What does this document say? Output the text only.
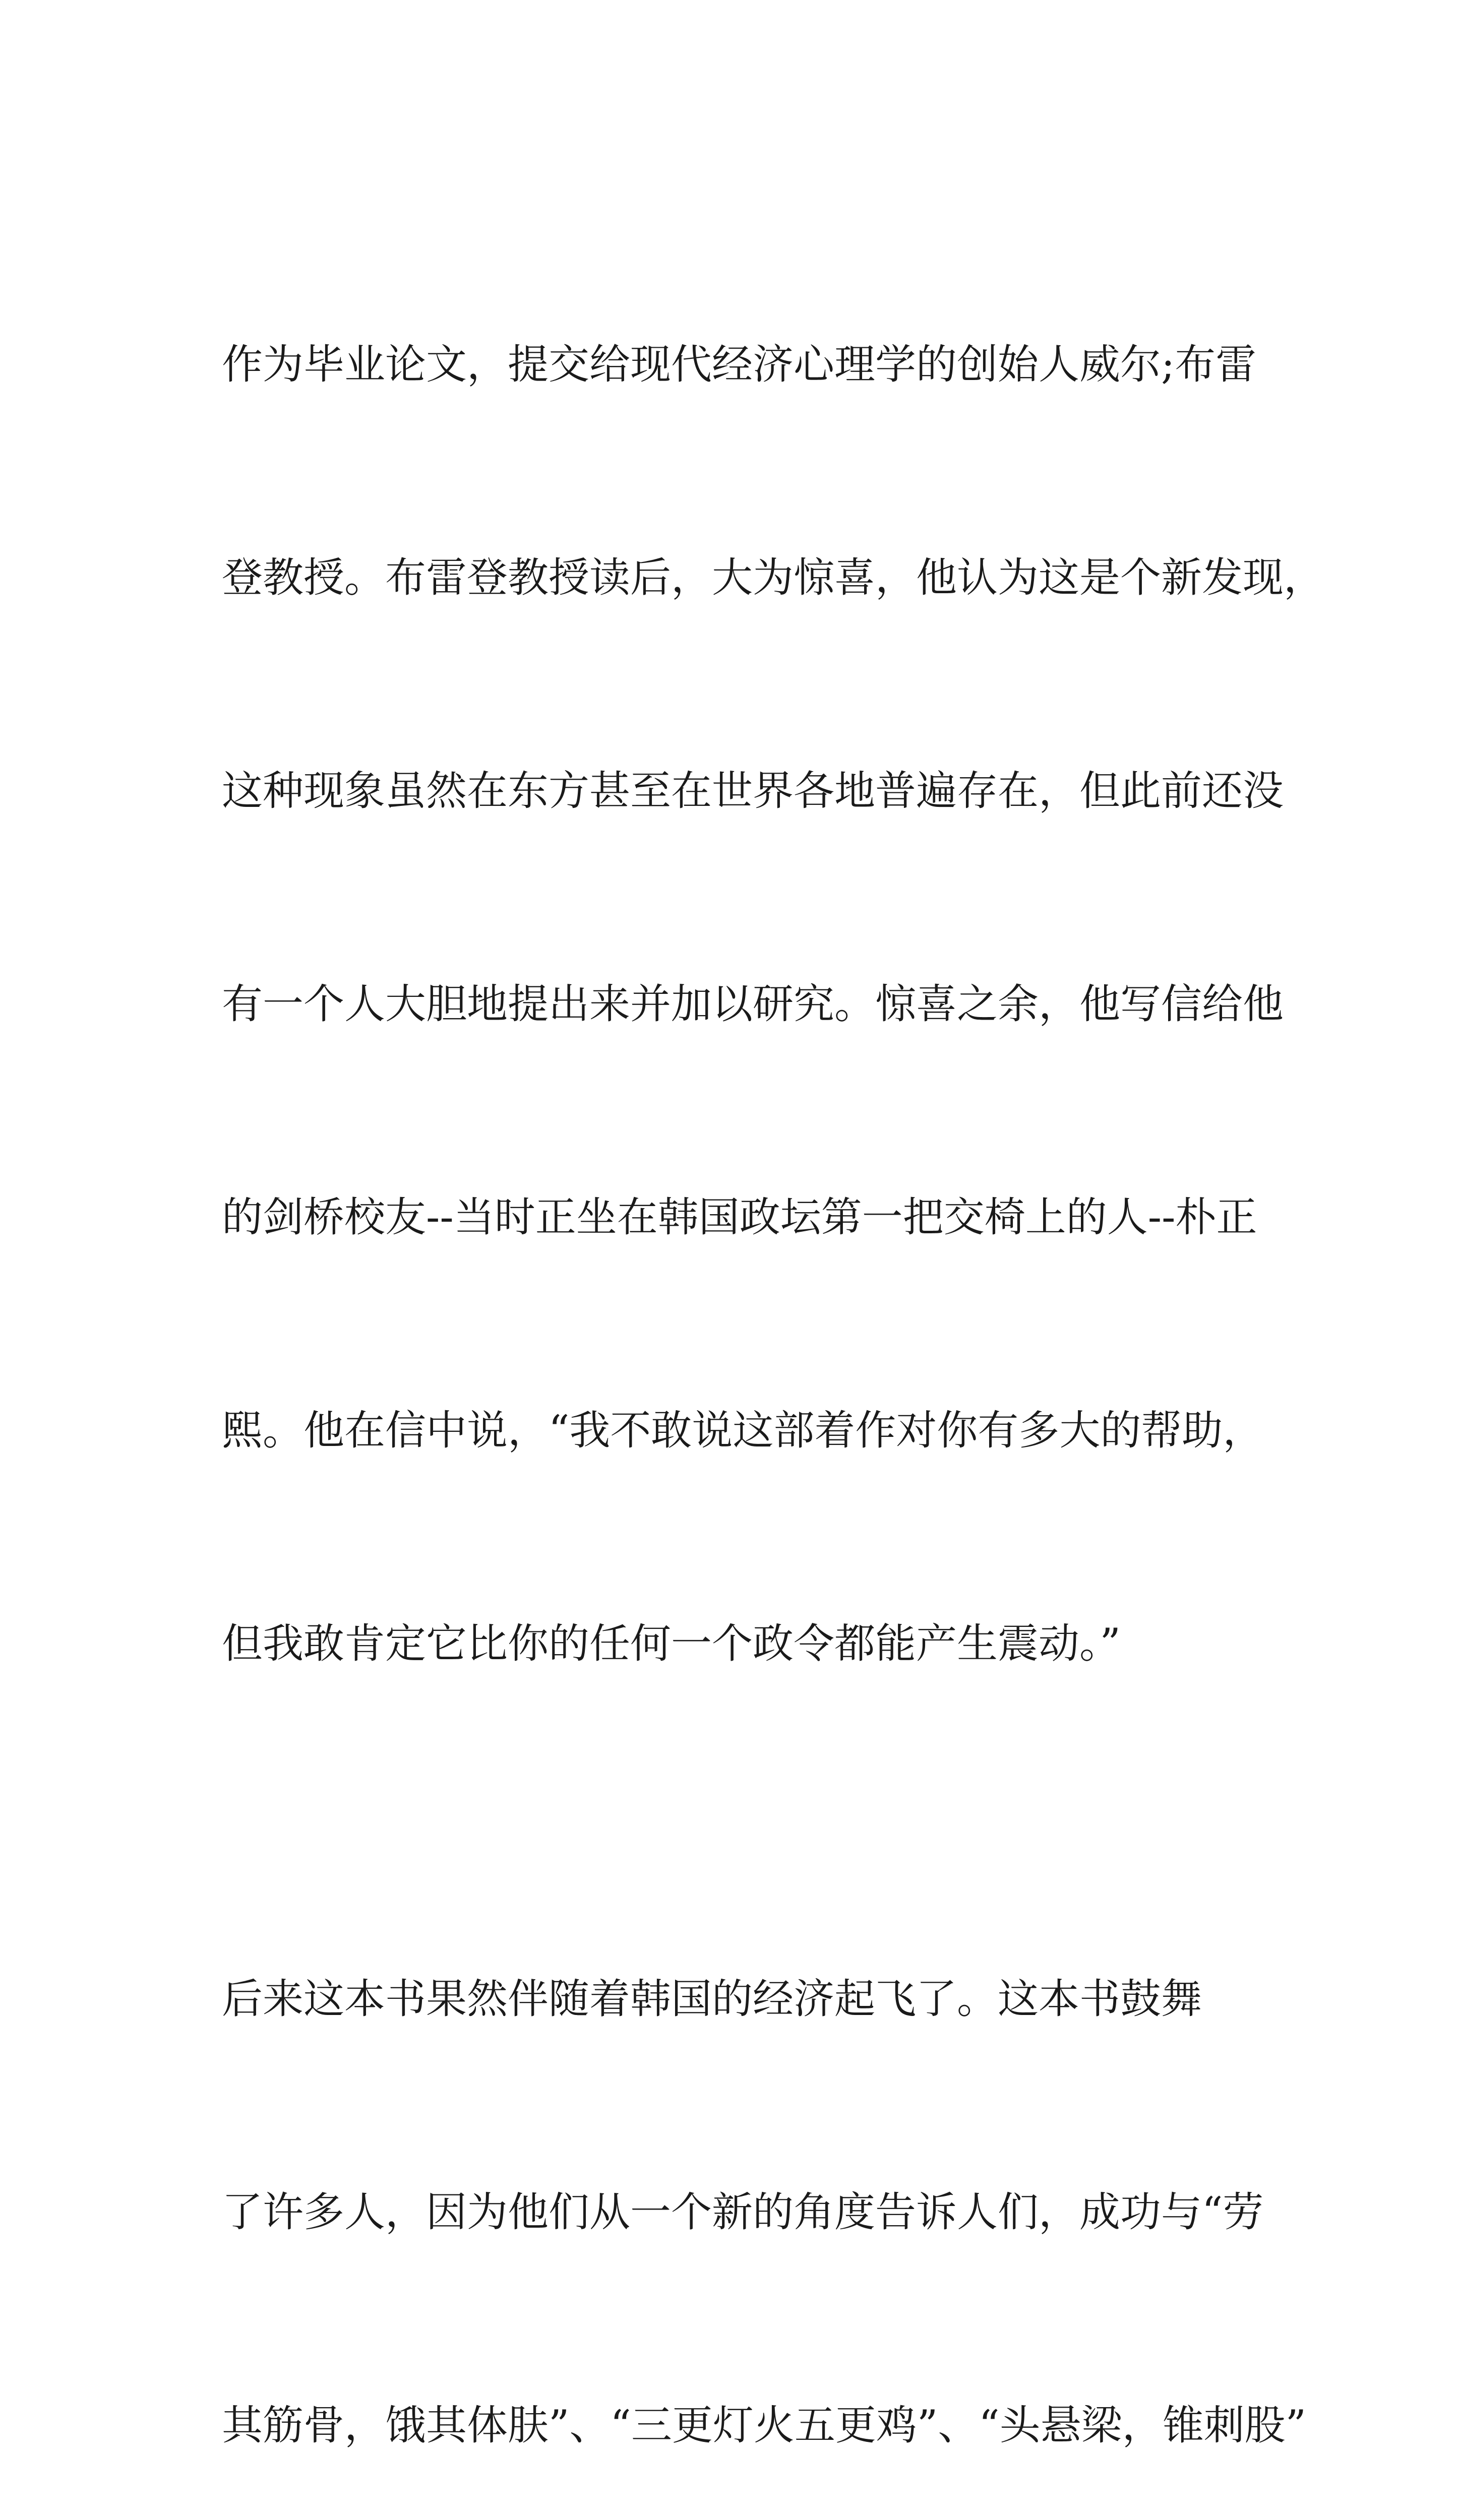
作为毕业论文，提交给现代经济心理学的创始人威尔;布雷

登教授。布雷登教授读后，大为惊喜，他认为这是个新发现，

这种现象虽然在东方甚至在世界各地普遍存在，但此前还没

有一个人大胆地提出来并加以研究。惊喜之余，他写信给他

的剑桥校友--当时正坐在韩国政坛第一把交椅上的人--朴正

熙。他在信中说，“我不敢说这部着作对你有多大的帮助，

但我敢肯定它比你的任何一个政令都能产生震动。”

后来这本书果然伴随着韩国的经济起飞了。这本书鼓舞

了许多人，因为他们从一个新的角度告诉人们，成功与“劳

其筋骨，饿其体肤”、“三更灯火五更鸡”、“头悬梁，锥刺股”
